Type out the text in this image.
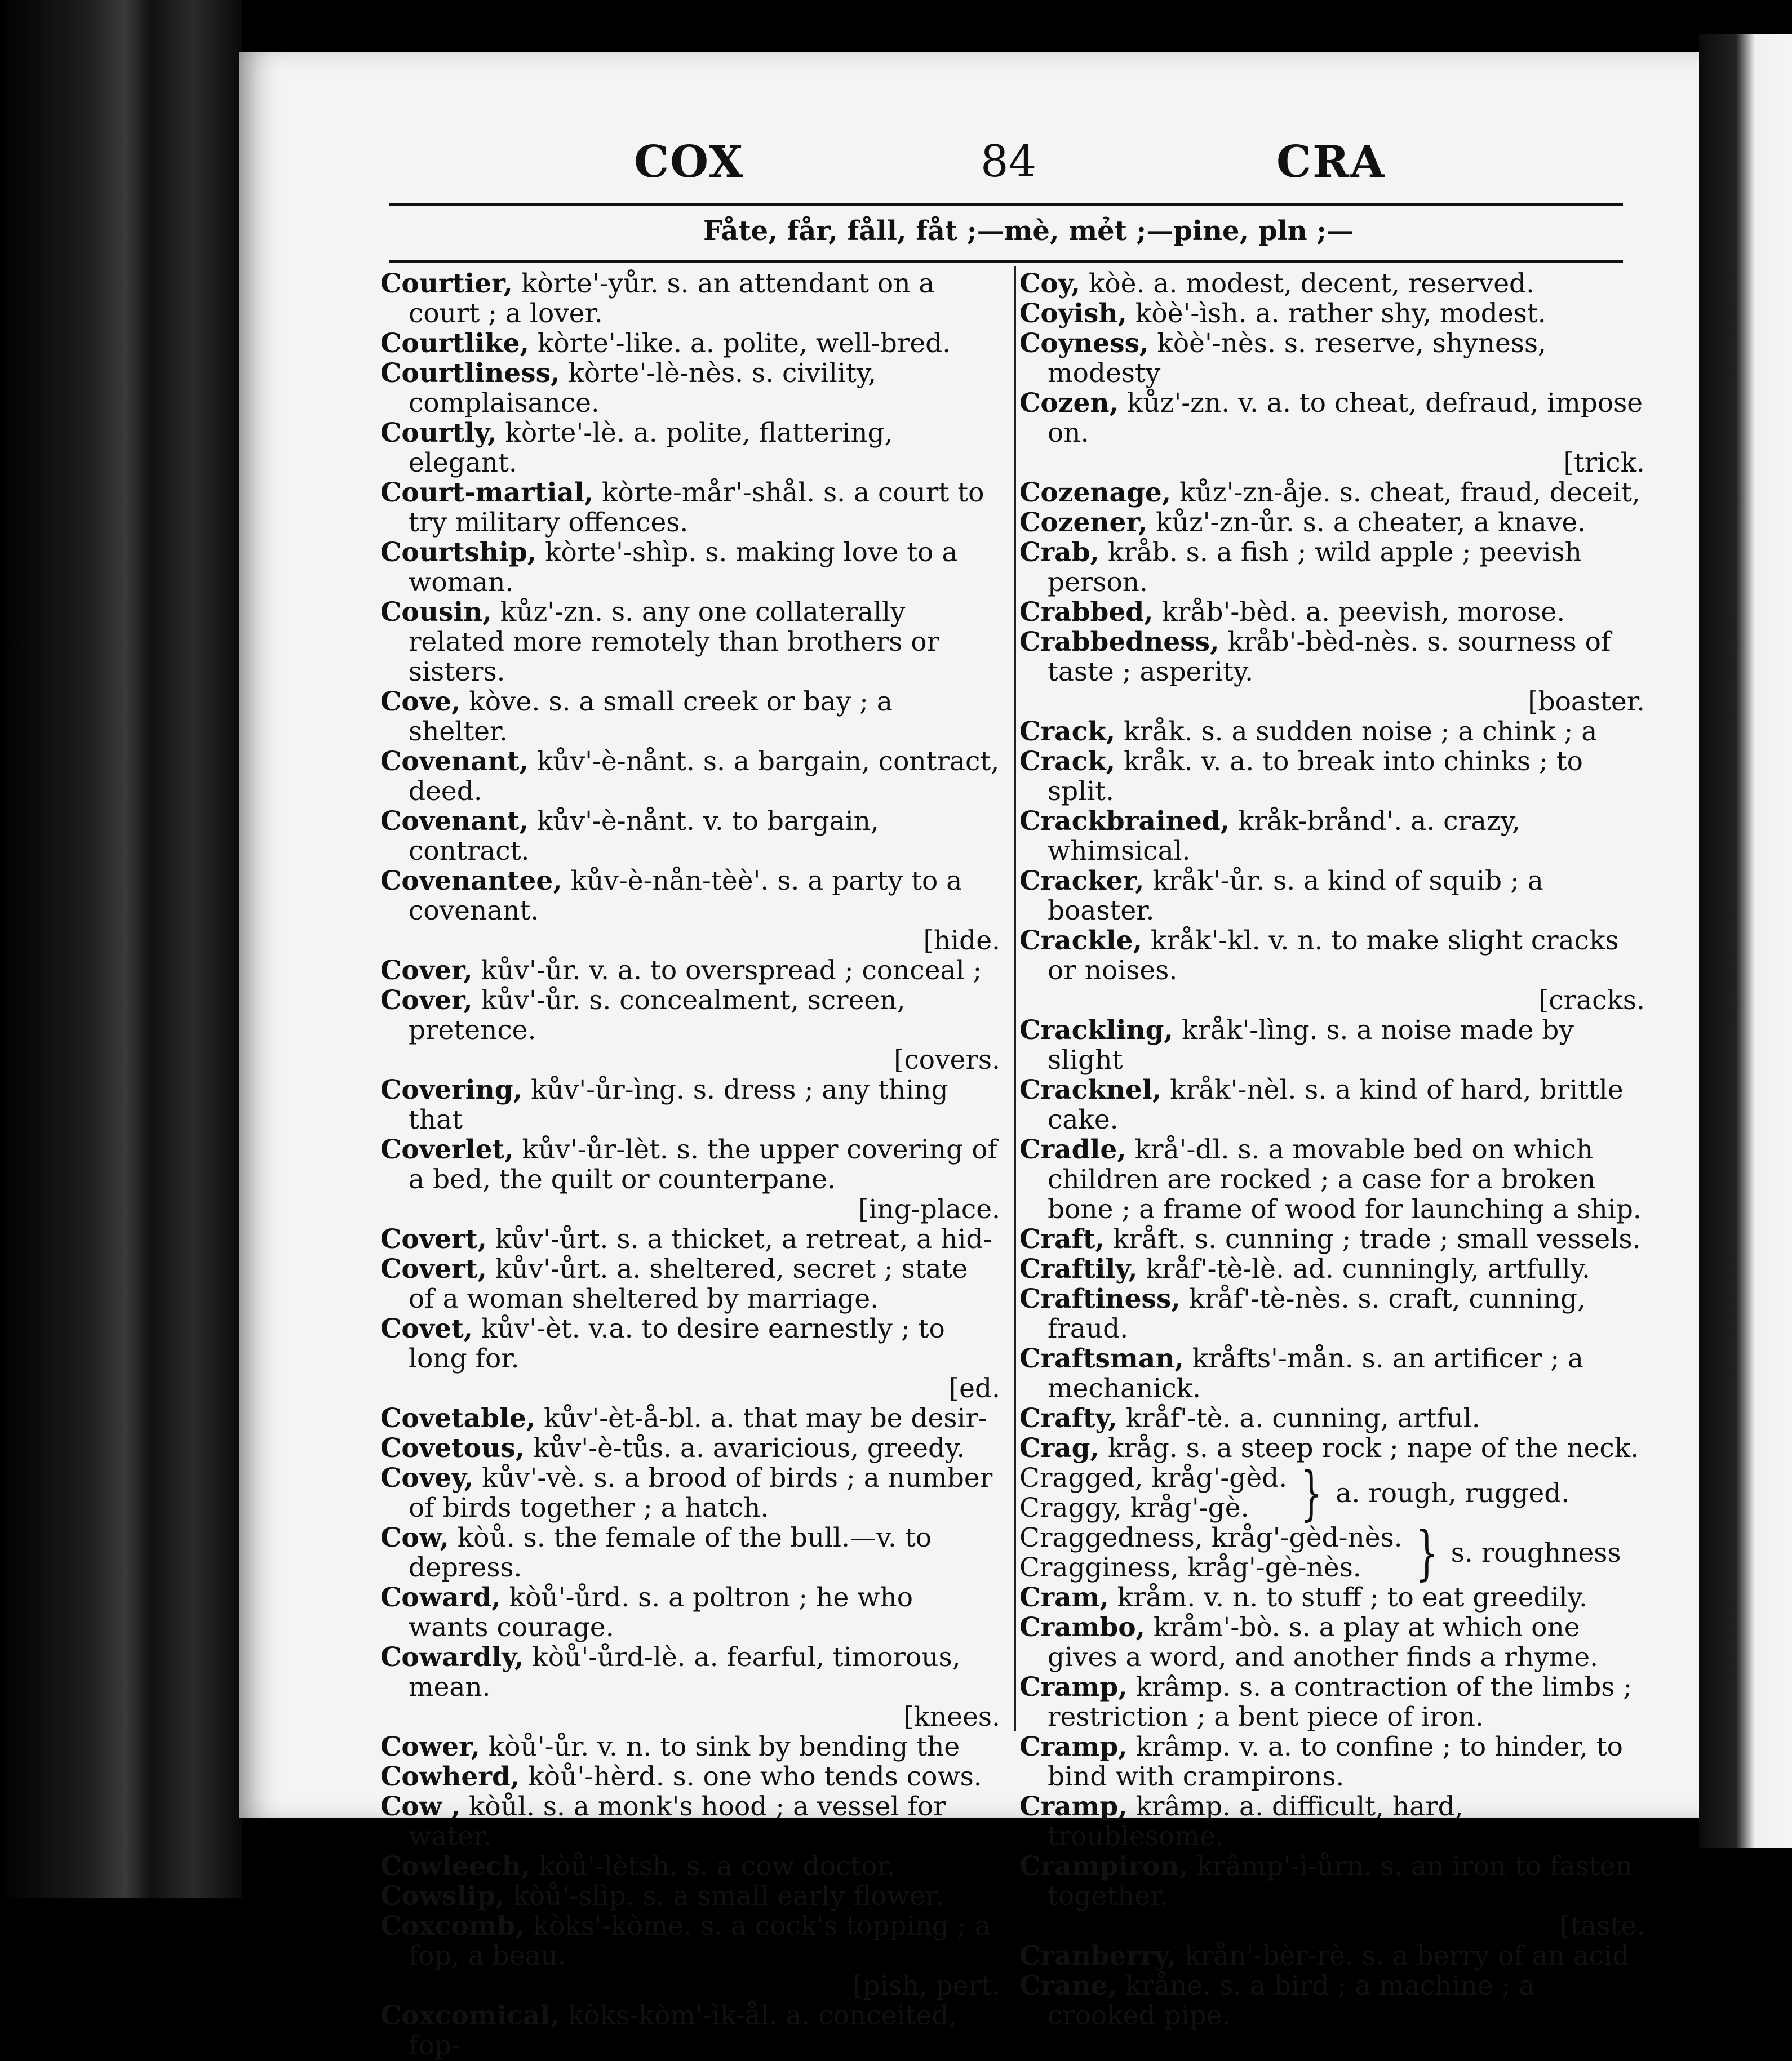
COX	84	CRA
Fåte, får, fåll, fåt ;—mè, mẻt ;—pine, pln ;—

Courtier, kòrte'-yůr. s. an attendant on a court ; a lover.

Courtlike, kòrte'-like. a. polite, well-bred.

Courtliness, kòrte'-lè-nès. s. civility, complaisance.

Courtly, kòrte'-lè. a. polite, flattering, elegant.

Court-martial, kòrte-mår'-shål. s. a court to try military offences.

Courtship, kòrte'-shìp. s. making love to a woman.

Cousin, kůz'-zn. s. any one collaterally related more remotely than brothers or sisters.

Cove, kòve. s. a small creek or bay ; a shelter.

Covenant, kův'-è-nånt. s. a bargain, contract, deed.

Covenant, kův'-è-nånt. v. to bargain, contract.

Covenantee, kův-è-nån-tèè'. s. a party to a covenant.
[hide.

Cover, kův'-ůr. v. a. to overspread ; conceal ;

Cover, kův'-ůr. s. concealment, screen, pretence.
[covers.

Covering, kův'-ůr-ìng. s. dress ; any thing that

Coverlet, kův'-ůr-lèt. s. the upper covering of a bed, the quilt or counterpane.
[ing-place.

Covert, kův'-ůrt. s. a thicket, a retreat, a hid-

Covert, kův'-ůrt. a. sheltered, secret ; state of a woman sheltered by marriage.

Covet, kův'-èt. v.a. to desire earnestly ; to long for.
[ed.

Covetable, kův'-èt-å-bl. a. that may be desir-

Covetous, kův'-è-tůs. a. avaricious, greedy.

Covey, kův'-vè. s. a brood of birds ; a number of birds together ; a hatch.

Cow, kòů. s. the female of the bull.—v. to depress.

Coward, kòů'-ůrd. s. a poltron ; he who wants courage.

Cowardly, kòů'-ůrd-lè. a. fearful, timorous, mean.
[knees.

Cower, kòů'-ůr. v. n. to sink by bending the

Cowherd, kòů'-hèrd. s. one who tends cows.

Cow , kòůl. s. a monk's hood ; a vessel for water.

Cowleech, kòů'-lètsh. s. a cow doctor.

Cowslip, kòů'-slìp. s. a small early flower.

Coxcomb, kòks'-kòme. s. a cock's topping ; a fop, a beau.
[pish, pert.

Coxcomical, kòks-kòm'-ìk-ål. a. conceited, fop-

Coy, kòè. a. modest, decent, reserved.

Coyish, kòè'-ìsh. a. rather shy, modest.

Coyness, kòè'-nès. s. reserve, shyness, modesty

Cozen, kůz'-zn. v. a. to cheat, defraud, impose on.
[trick.

Cozenage, kůz'-zn-åje. s. cheat, fraud, deceit,

Cozener, kůz'-zn-ůr. s. a cheater, a knave.

Crab, kråb. s. a fish ; wild apple ; peevish person.

Crabbed, kråb'-bèd. a. peevish, morose.

Crabbedness, kråb'-bèd-nès. s. sourness of taste ; asperity.
[boaster.

Crack, kråk. s. a sudden noise ; a chink ; a

Crack, kråk. v. a. to break into chinks ; to split.

Crackbrained, kråk-brånd'. a. crazy, whimsical.

Cracker, kråk'-ůr. s. a kind of squib ; a boaster.

Crackle, kråk'-kl. v. n. to make slight cracks or noises.
[cracks.

Crackling, kråk'-lìng. s. a noise made by slight

Cracknel, kråk'-nèl. s. a kind of hard, brittle cake.

Cradle, krå'-dl. s. a movable bed on which children are rocked ; a case for a broken bone ; a frame of wood for launching a ship.

Craft, kråft. s. cunning ; trade ; small vessels.

Craftily, kråf'-tè-lè. ad. cunningly, artfully.

Craftiness, kråf'-tè-nès. s. craft, cunning, fraud.

Craftsman, kråfts'-mån. s. an artificer ; a mechanick.

Crafty, kråf'-tè. a. cunning, artful.

Crag, kråg. s. a steep rock ; nape of the neck.

Cragged, kråg'-gèd.
Craggy, kråg'-gè. } a. rough, rugged.
Craggedness, kråg'-gèd-nès.
Cragginess, kråg'-gè-nès. } s. roughness

Cram, kråm. v. n. to stuff ; to eat greedily.

Crambo, kråm'-bò. s. a play at which one gives a word, and another finds a rhyme.

Cramp, krâmp. s. a contraction of the limbs ; restriction ; a bent piece of iron.

Cramp, krâmp. v. a. to confine ; to hinder, to bind with crampirons.

Cramp, krâmp. a. difficult, hard, troublesome.

Crampiron, krâmp'-ì-ůrn. s. an iron to fasten together.
[taste.

Cranberry, krån'-bèr-rè. s. a berry of an acid

Crane, kråne. s. a bird ; a machine ; a crooked pipe.
